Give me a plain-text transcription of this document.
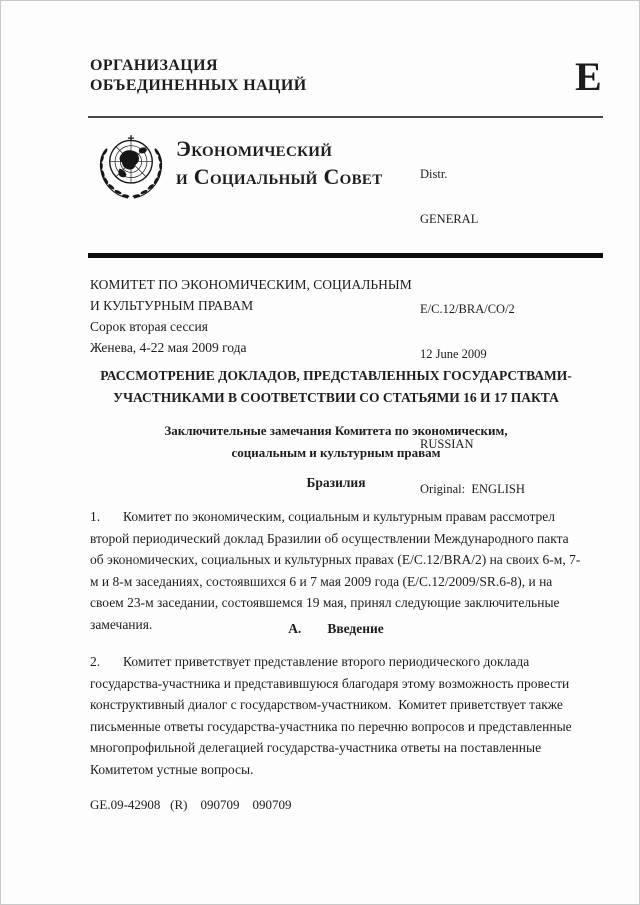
ОРГАНИЗАЦИЯ
ОБЪЕДИНЕННЫХ НАЦИЙ	E
Экономический
и Социальный Совет

	Distr.

GENERAL

E/C.12/BRA/CO/2

12 June 2009

RUSSIAN

Original:  ENGLISH

КОМИТЕТ ПО ЭКОНОМИЧЕСКИМ, СОЦИАЛЬНЫМ
И КУЛЬТУРНЫМ ПРАВАМ
Сорок вторая сессия
Женева, 4-22 мая 2009 года
РАССМОТРЕНИЕ ДОКЛАДОВ, ПРЕДСТАВЛЕННЫХ ГОСУДАРСТВАМИ-
УЧАСТНИКАМИ В СООТВЕТСТВИИ СО СТАТЬЯМИ 16 И 17 ПАКТА
Заключительные замечания Комитета по экономическим,
социальным и культурным правам
Бразилия
1. Комитет по экономическим, социальным и культурным правам рассмотрел второй периодический доклад Бразилии об осуществлении Международного пакта об экономических, социальных и культурных правах (E/C.12/BRA/2) на своих 6-м, 7-м и 8-м заседаниях, состоявшихся 6 и 7 мая 2009 года (E/C.12/2009/SR.6-8), и на своем 23-м заседании, состоявшемся 19 мая, принял следующие заключительные замечания.	A. Введение
2. Комитет приветствует представление второго периодического доклада государства-участника и представившуюся благодаря этому возможность провести конструктивный диалог с государством-участником.  Комитет приветствует также письменные ответы государства-участника по перечню вопросов и представленные многопрофильной делегацией государства-участника ответы на поставленные Комитетом устные вопросы.
GE.09-42908   (R)    090709    090709
